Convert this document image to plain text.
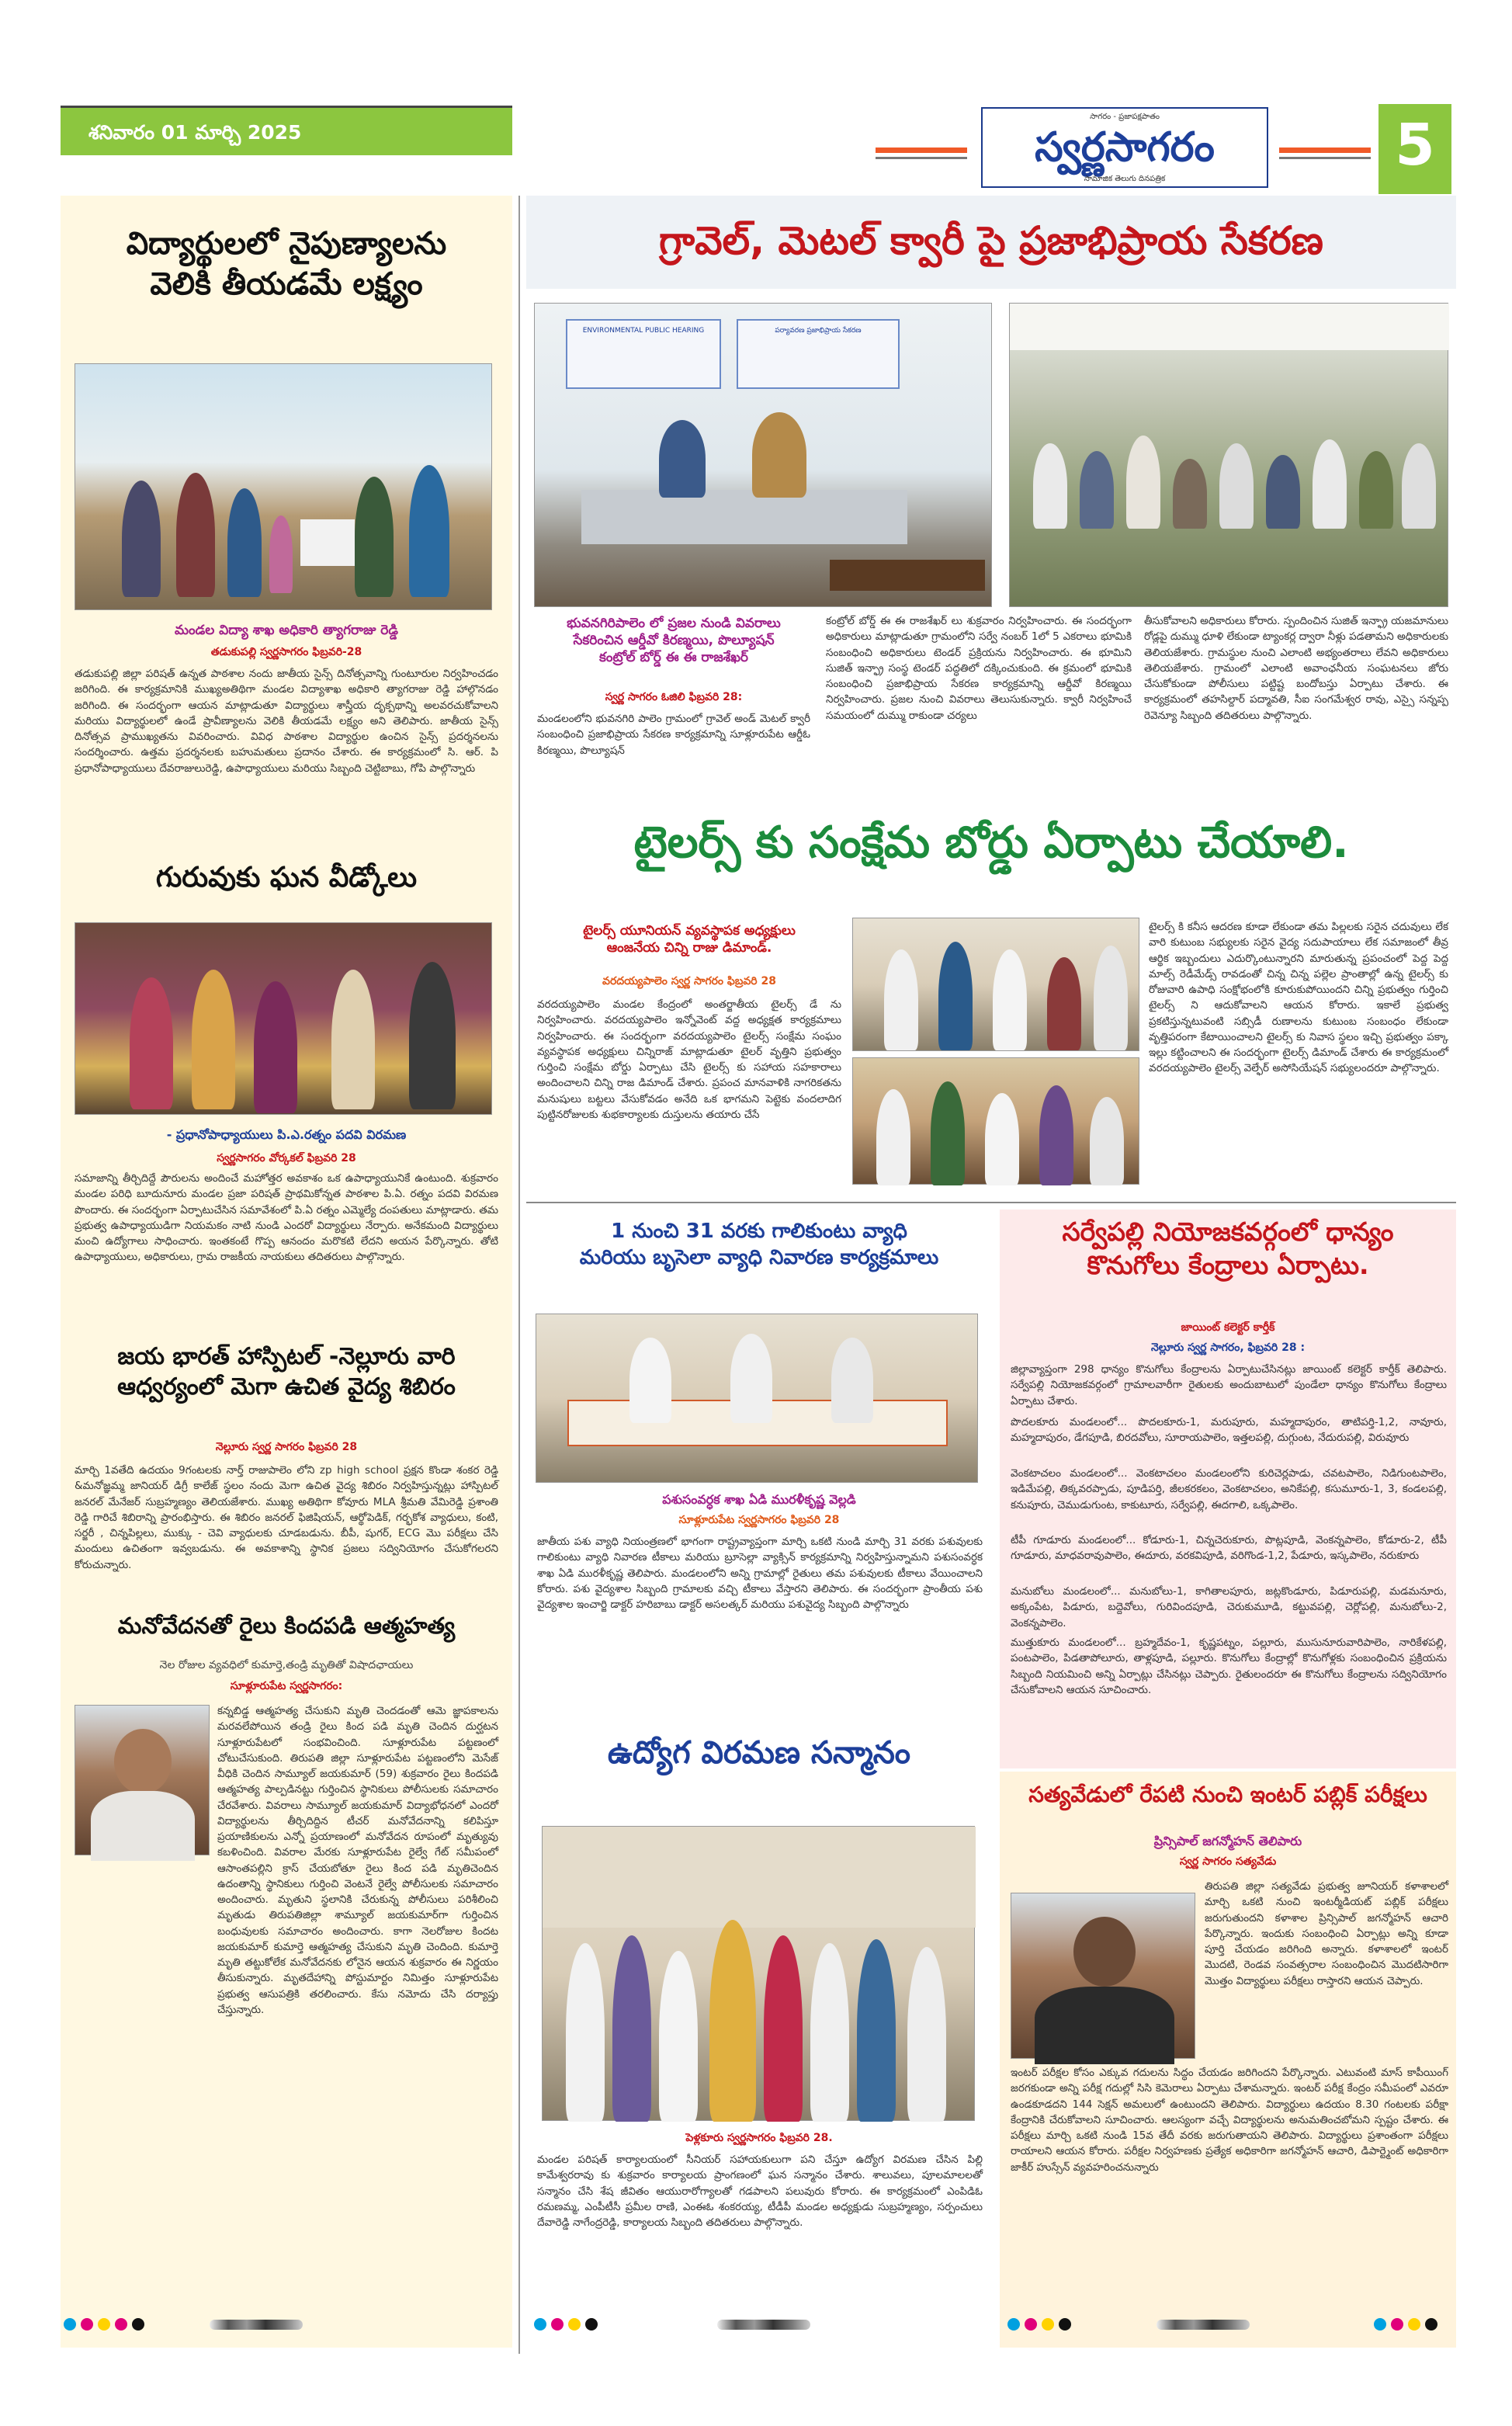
శనివారం 01 మార్చి 2025
సాగరం - ప్రజాపక్షపాతం
స్వర్ణసాగరం
సామాజిక తెలుగు దినపత్రిక
5
విద్యార్థులలో నైపుణ్యాలను
వెలికి తీయడమే లక్ష్యం
మండల విద్యా శాఖ అధికారి త్యాగరాజు రెడ్డి
తడుకుపల్లి స్వర్ణసాగరం ఫిబ్రవరి-28
తడుకుపల్లి జిల్లా పరిషత్ ఉన్నత పాఠశాల నందు జాతీయ సైన్స్ దినోత్సవాన్ని గుంటూరుల నిర్వహించడం జరిగింది. ఈ కార్యక్రమానికి ముఖ్యఅతిథిగా మండల విద్యాశాఖ అధికారి త్యాగరాజు రెడ్డి హాల్గొనడం జరిగింది. ఈ సందర్భంగా ఆయన మాట్లాడుతూ విద్యార్థులు శాస్త్రీయ దృక్పథాన్ని అలవరచుకోవాలని మరియు విద్యార్థులలో ఉండే ప్రావీణ్యాలను వెలికి తీయడమే లక్ష్యం అని తెలిపారు. జాతీయ సైన్స్ దినోత్సవ ప్రాముఖ్యతను వివరించారు. వివిధ పాఠశాల విద్యార్థుల ఉంచిన సైన్స్ ప్రదర్శనలను సందర్శించారు. ఉత్తమ ప్రదర్శనలకు బహుమతులు ప్రదానం చేశారు. ఈ కార్యక్రమంలో సి. ఆర్. పి ప్రధానోపాధ్యాయులు దేవరాజులురెడ్డి, ఉపాధ్యాయులు మరియు సిబ్బంది చెట్టిబాబు, గోపి పాల్గొన్నారు
గురువుకు ఘన వీడ్కోలు
- ప్రధానోపాధ్యాయులు పి.ఎ.రత్నం పదవి విరమణ
స్వర్ణసాగరం వోర్కకల్ ఫిబ్రవరి 28
సమాజాన్ని తీర్చిదిద్దే పౌరులను అందించే మహోత్తర అవకాశం ఒక ఉపాధ్యాయునికే ఉంటుంది. శుక్రవారం మండల పరిధి బూదునూరు మండల ప్రజా పరిషత్ ప్రాథమికోన్నత పాఠశాల పి.ఏ. రత్నం పదవి విరమణ పొందారు. ఈ సందర్భంగా ఏర్పాటుచేసిన సమావేశంలో పి.ఏ రత్నం ఎమ్మెల్యే దంపతులు మాట్లాడారు. తమ ప్రభుత్వ ఉపాధ్యాయుడిగా నియమకం నాటి నుండి ఎందరో విద్యార్థులు నేర్పారు. అనేకమంది విద్యార్థులు మంచి ఉద్యోగాలు సాధించారు. ఇంతకంటే గొప్ప ఆనందం మరొకటి లేదని అయన పేర్కొన్నారు. తోటి ఉపాధ్యాయులు, అధికారులు, గ్రామ రాజకీయ నాయకులు తదితరులు పాల్గొన్నారు.
జయ భారత్ హాస్పిటల్ -నెల్లూరు వారి
ఆధ్వర్యంలో మెగా ఉచిత వైద్య శిబిరం
నెల్లూరు స్వర్ణ సాగరం ఫిబ్రవరి 28
మార్చి 1వతేది ఉదయం 9గంటలకు నార్త్ రాజుపాలెం లోని zp high school ప్రక్షన కొండా శంకర రెడ్డి &మనోజ్ఞమ్మ జానియర్ డిగ్రీ కాలేజ్ స్థలం నందు మెగా ఉచిత వైద్య శిబిరం నిర్వహిస్తున్నట్లు హాస్పిటల్ జనరల్ మేనేజర్ సుబ్రహ్మణ్యం తెలియజేశారు. ముఖ్య అతిథిగా కోవూరు MLA శ్రీమతి వేమిరెడ్డి ప్రశాంతి రెడ్డి గారిచే శిబిరాన్ని ప్రారంభిస్తారు. ఈ శిబిరం జనరల్ ఫిజిషియన్, ఆర్థోపెడిక్, గర్భకోశ వ్యాధులు, కంటి, సర్జరీ , చిన్నపిల్లలు, ముక్కు - చెవి వ్యాధులకు చూడబడును. బీపీ, షుగర్, ECG మొ పరీక్షలు చేసి మందులు ఉచితంగా ఇవ్వబడును. ఈ అవకాశాన్ని స్థానిక ప్రజలు సద్వినియోగం చేసుకోగలరని కోరుచున్నారు.
మనోవేదనతో రైలు కిందపడి ఆత్మహత్య
నెల రోజుల వ్యవధిలో కుమార్తె,తండ్రి మృతితో విషాదఛాయలు
సూళ్లూరుపేట స్వర్ణసాగరం:
కన్నబిడ్డ ఆత్మహత్య చేసుకుని మృతి చెందడంతో ఆమె జ్ఞాపకాలను మరవలేపోయిన తండ్రి రైలు కింద పడి మృతి చెందిన దుర్ఘటన సూళ్లూరుపేటలో సంభవించింది. సూళ్లూరుపేట పట్టణంలో చోటుచేసుకుంది. తిరుపతి జిల్లా సూళ్లూరుపేట పట్టణంలోని మెసేజ్ వీధికి చెందిన సామ్యూల్ జయకుమార్ (59) శుక్రవారం రైలు కిందపడి ఆత్మహత్య పాల్పడినట్టు గుర్తించిన స్థానికులు పోలీసులకు సమాచారం చేరవేశారు. వివరాలు సామ్యూల్ జయకుమార్ విద్యాభోధనలో ఎందరో విద్యార్థులను తీర్చిదిద్దిన టీచర్ మనోవేదనాన్ని కలిపిస్తూ ప్రయాణికులను ఎన్నో ప్రయాణంలో మనోవేదన రూపంలో మృత్యువు కబళించింది. వివరాల మేరకు సూళ్లూరుపేట రైల్వే గేట్ సమీపంలో ఆసాంతపల్లిని క్రాస్ చేయబోతూ రైలు కింద పడి మృతిచెందిన ఉదంతాన్ని స్థానికులు గుర్తించి వెంటనే రైల్వే పోలీసులకు సమాచారం అందించారు. మృతుని స్థలానికి చేరుకున్న పోలీసులు పరిశీలించి మృతుడు తిరుపతిజిల్లా శామ్యూల్ జయకుమార్‌గా గుర్తించిన బంధువులకు సమాచారం అందించారు. కాగా నెలరోజుల కిందట జయకుమార్ కుమార్తె ఆత్మహత్య చేసుకుని మృతి చెందింది. కుమార్తె మృతి తట్టుకోలేక మనోవేదనకు లోనైన ఆయన శుక్రవారం ఈ నిర్ణయం తీసుకున్నారు. మృతదేహాన్ని పోస్టుమార్టం నిమిత్తం సూళ్లూరుపేట ప్రభుత్వ ఆసుపత్రికి తరలించారు. కేసు నమోదు చేసి దర్యాప్తు చేస్తున్నారు.
గ్రావెల్, మెటల్ క్వారీ పై ప్రజాభిప్రాయ సేకరణ
ENVIRONMENTAL PUBLIC HEARING	పర్యావరణ ప్రజాభిప్రాయ సేకరణ
భువనగిరిపాలెం లో ప్రజల నుండి వివరాలు
సేకరించిన ఆర్డీవో కిరణ్మయి, పొల్యూషన్
కంట్రోల్ బోర్డ్ ఈ ఈ రాజశేఖర్
స్వర్ణ సాగరం ఓజిలి ఫిబ్రవరి 28:
మండలంలోని భువనగిరి పాలెం గ్రామంలో గ్రావెల్ అండ్ మెటల్ క్వారీ సంబంధించి ప్రజాభిప్రాయ సేకరణ కార్యక్రమాన్ని సూళ్లూరుపేట ఆర్డీఓ కిరణ్మయి, పొల్యూషన్
కంట్రోల్ బోర్డ్ ఈ ఈ రాజశేఖర్ లు శుక్రవారం నిర్వహించారు. ఈ సందర్భంగా అధికారులు మాట్లాడుతూ గ్రామంలోని సర్వే నంబర్ 1లో 5 ఎకరాలు భూమికి సంబంధించి అధికారులు టెండర్ ప్రక్రియను నిర్వహించారు. ఈ భూమిని సుజిత్ ఇన్ఫ్రా సంస్థ టెండర్ పద్ధతిలో దక్కించుకుంది. ఈ క్రమంలో భూమికి సంబంధించి ప్రజాభిప్రాయ సేకరణ కార్యక్రమాన్ని ఆర్డీవో కిరణ్మయి నిర్వహించారు. ప్రజల నుంచి వివరాలు తెలుసుకున్నారు. క్వారీ నిర్వహించే సమయంలో దుమ్ము రాకుండా చర్యలు
తీసుకోవాలని అధికారులు కోరారు. స్పందించిన సుజిత్ ఇన్ఫ్రా యజమానులు రోడ్లపై దుమ్ము ధూళి లేకుండా ట్యాంకర్ల ద్వారా నీళ్లు పడతామని అధికారులకు తెలియజేశారు. గ్రామస్థుల నుంచి ఎలాంటి అభ్యంతరాలు లేవని అధికారులు తెలియజేశారు. గ్రామంలో ఎలాంటి అవాంఛనీయ సంఘటనలు జోరు చేసుకోకుండా పోలీసులు పట్టిష్ట బందోబస్తు ఏర్పాటు చేశారు. ఈ కార్యక్రమంలో తహసిల్దార్ పద్మావతి, సీఐ సంగమేశ్వర రావు, ఎస్సై సన్నప్ప రెవెన్యూ సిబ్బంది తదితరులు పాల్గొన్నారు.
టైలర్స్ కు సంక్షేమ బోర్డు ఏర్పాటు చేయాలి.
టైలర్స్ యూనియన్ వ్యవస్థాపక అధ్యక్షులు
ఆంజనేయ చిన్ని రాజు డిమాండ్.
వరదయ్యపాలెం స్వర్ణ సాగరం ఫిబ్రవరి 28
వరదయ్యపాలెం మండల కేంద్రంలో అంతర్జాతీయ టైలర్స్ డే ను నిర్వహించారు. వరదయ్యపాలెం ఇన్నోవెంట్ వద్ద అధ్యక్షత కార్యక్రమాలు నిర్వహించారు. ఈ సందర్భంగా వరదయ్యపాలెం టైలర్స్ సంక్షేమ సంఘం వ్యవస్థాపక అధ్యక్షులు చిన్నిరాజ్ మాట్లాడుతూ టైలర్ వృత్తిని ప్రభుత్వం గుర్తించి సంక్షేమ బోర్డు ఏర్పాటు చేసి టైలర్స్ కు సహాయ సహకారాలు అందించాలని చిన్ని రాజ డిమాండ్ చేశారు. ప్రపంచ మానవాళికి నాగరికతను మనుషులు బట్టలు వేసుకోవడం అనేది ఒక భాగమని పెట్టెకు వందలాదిగ పుట్టినరోజులకు శుభకార్యాలకు దుస్తులను తయారు చేసే
టైలర్స్ కి కనీస ఆదరణ కూడా లేకుండా తమ పిల్లలకు సరైన చదువులు లేక వారి కుటుంబ సభ్యులకు సరైన వైద్య సదుపాయాలు లేక సమాజంలో తీవ్ర ఆర్థిక ఇబ్బందులు ఎదుర్కొంటున్నారని మారుతున్న ప్రపంచంలో పెద్ద పెద్ద మాల్స్ రెడీమేడ్స్ రావడంతో చిన్న చిన్న పల్లెల ప్రాంతాల్లో ఉన్న టైలర్స్ కు రోజువారి ఉపాధి సంక్షోభంలోకి కూరుకుపోయిందని చిన్ని ప్రభుత్వం గుర్తించి టైలర్స్ ని ఆదుకోవాలని ఆయన కోరారు. ఇకాలే ప్రభుత్వ ప్రకటిస్తున్నటువంటి సబ్సిడీ రుణాలను కుటుంబ సంబంధం లేకుండా వృత్తిపరంగా కేటాయించాలని టైలర్స్ కు నివాస స్థలం ఇచ్చి ప్రభుత్వం పక్కా ఇల్లు కట్టించాలని ఈ సందర్భంగా టైలర్స్ డిమాండ్ చేశారు ఈ కార్యక్రమంలో వరదయ్యపాలెం టైలర్స్ వెల్ఫేర్ అసోసియేషన్ సభ్యులందరూ పాల్గొన్నారు.
1 నుంచి 31 వరకు గాలికుంటు వ్యాధి
మరియు బృసెలా వ్యాధి నివారణ కార్యక్రమాలు
పశుసంవర్ధక శాఖ ఏడి మురళీకృష్ణ వెల్లడి
సూళ్లూరుపేట స్వర్ణసాగరం ఫిబ్రవరి 28
జాతీయ పశు వ్యాధి నియంత్రణలో భాగంగా రాష్ట్రవ్యాప్తంగా మార్చి ఒకటి నుండి మార్చి 31 వరకు పశువులకు గాలికుంటు వ్యాధి నివారణ టీకాలు మరియు బ్రూసెల్లా వ్యాక్సిన్ కార్యక్రమాన్ని నిర్వహిస్తున్నామని పశుసంవర్ధక శాఖ ఏడి మురళీకృష్ణ తెలిపారు. మండలంలోని అన్ని గ్రామాల్లో రైతులు తమ పశువులకు టీకాలు వేయించాలని కోరారు. పశు వైద్యశాల సిబ్బంది గ్రామాలకు వచ్చి టీకాలు వేస్తారని తెలిపారు. ఈ సందర్భంగా ప్రాంతీయ పశు వైద్యశాల ఇంచార్జి డాక్టర్ హరిబాబు డాక్టర్ అసలత్కర్ మరియు పశువైద్య సిబ్బంది పాల్గొన్నారు
ఉద్యోగ విరమణ సన్మానం
పెళ్లకూరు స్వర్ణసాగరం ఫిబ్రవరి 28.
మండల పరిషత్ కార్యాలయంలో సీనియర్ సహాయకులుగా పని చేస్తూ ఉద్యోగ విరమణ చేసిన పిల్లి కామేశ్వరరావు కు శుక్రవారం కార్యాలయ ప్రాంగణంలో ఘన సన్మానం చేశారు. శాలువలు, పూలమాలలతో సన్మానం చేసి శేష జీవితం ఆయురారోగ్యాలతో గడపాలని పలువురు కోరారు. ఈ కార్యక్రమంలో ఎంపిడిఓ రమణమ్మ, ఎంపీటీసీ ప్రమీల రాణి, ఎంఈఓ శంకరయ్య, టీడీపీ మండల అధ్యక్షుడు సుబ్రహ్మణ్యం, సర్పంచులు దేవారెడ్డి నాగేంద్రరెడ్డి, కార్యాలయ సిబ్బంది తదితరులు పాల్గొన్నారు.
సర్వేపల్లి నియోజకవర్గంలో ధాన్యం
కొనుగోలు కేంద్రాలు ఏర్పాటు.
జాయింట్ కలెక్టర్ కార్తీక్
నెల్లూరు స్వర్ణ సాగరం, ఫిబ్రవరి 28 :
జిల్లావ్యాప్తంగా 298 ధాన్యం కొనుగోలు కేంద్రాలను ఏర్పాటుచేసినట్లు జాయింట్ కలెక్టర్ కార్తీక్ తెలిపారు. సర్వేపల్లి నియోజకవర్గంలో గ్రామాలవారీగా రైతులకు అందుబాటులో పుండేలా ధాన్యం కొనుగోలు కేంద్రాలు ఏర్పాటు చేశారు.
పొదలకూరు మండలంలో... పొదలకూరు-1, మరుపూరు, మహ్మదాపురం, తాటిపర్తి-1,2, నావూరు, మహ్మదాపురం, డేగపూడి, బిరదవోలు, సూరాయపాలెం, ఇత్తలపల్లి, దుగ్గుంట, నేదురుపల్లి, విరువూరు
వెంకటాచలం మండలంలో... వెంకటాచలం మండలంలోని కురిచెర్లపాడు, చవటపాలెం, నిడిగుంటపాలెం, ఇడిమేపల్లి, తిక్కవరప్పాడు, పూడిపర్తి, జీలకరకలం, వెంకటాచలం, అనికేపల్లి, కసుమూరు-1, 3, కండలపల్లి, కనుపూరు, చెముడుగుంట, కాకుటూరు, సర్వేపల్లి, ఈదగాలి, ఒక్కపాలెం.
టీపీ గూడూరు మండలంలో... కోడూరు-1, చిన్నచెరుకూరు, పొట్లపూడి, వెంకన్నపాలెం, కోడూరు-2, టీపీ గూడూరు, మాధవరావుపాలెం, ఈదూరు, వరకవిపూడి, వరిగొండ-1,2, పేడూరు, ఇస్కపాలెం, నరుకూరు
మనుబోలు మండలంలో... మనుబోలు-1, కాగితాలపూరు, జట్లకొండూరు, పిడూరుపల్లి, మడమనూరు, అక్కంపేట, పిడూరు, బద్దెవోలు, గురివిందపూడి, చెరుకుమూడి, కట్టువపల్లి, చెర్లోపల్లి, మనుబోలు-2, వెంకన్నపాలెం.
ముత్తుకూరు మండలంలో... బ్రహ్మదేవం-1, కృష్ణపట్నం, పల్లూరు, ముసునూరువారిపాలెం, నారికేళపల్లి, పంటపాలెం, పిడతాపోలూరు, తాళ్లపూడి, పల్లూరు. కొనుగోలు కేంద్రాల్లో కొనుగోళ్లకు సంబంధించిన ప్రక్రియను సిబ్బంది నియమించి అన్ని ఏర్పాట్లు చేసినట్లు చెప్పారు. రైతులందరూ ఈ కొనుగోలు కేంద్రాలను సద్వినియోగం చేసుకోవాలని ఆయన సూచించారు.
సత్యవేడులో రేపటి నుంచి ఇంటర్ పబ్లిక్ పరీక్షలు
ప్రిన్సిపాల్ జగన్మోహన్ తెలిపారు
స్వర్ణ సాగరం సత్యవేడు
తిరుపతి జిల్లా సత్యవేడు ప్రభుత్వ జూనియర్ కళాశాలలో మార్చి ఒకటి నుంచి ఇంటర్మీడియట్ పబ్లిక్ పరీక్షలు జరుగుతుందని కళాశాల ప్రిన్సిపాల్ జగన్మోహన్ ఆచారి పేర్కొన్నారు. ఇందుకు సంబంధించి ఏర్పాట్లు అన్ని కూడా పూర్తి చేయడం జరిగింది అన్నారు. కళాశాలలో ఇంటర్ మొదటి, రెండవ సంవత్సరాల సంబంధించిన మొదటిసారిగా మొత్తం విద్యార్థులు పరీక్షలు రాస్తారని ఆయన చెప్పారు.
ఇంటర్ పరీక్షల కోసం ఎక్కువ గదులను సిద్ధం చేయడం జరిగిందని పేర్కొన్నారు. ఎటువంటి మాస్ కాపీయింగ్ జరగకుండా అన్ని పరీక్ష గదుల్లో సిసి కెమెరాలు ఏర్పాటు చేశామన్నారు. ఇంటర్ పరీక్ష కేంద్రం సమీపంలో ఎవరూ ఉండకూడదని 144 సెక్షన్ అమలులో ఉంటుందని తెలిపారు. విద్యార్థులు ఉదయం 8.30 గంటలకు పరీక్షా కేంద్రానికి చేరుకోవాలని సూచించారు. ఆలస్యంగా వచ్చే విద్యార్థులను అనుమతించబోమని స్పష్టం చేశారు. ఈ పరీక్షలు మార్చి ఒకటి నుండి 15వ తేదీ వరకు జరుగుతాయని తెలిపారు. విద్యార్థులు ప్రశాంతంగా పరీక్షలు రాయాలని ఆయన కోరారు. పరీక్షల నిర్వహణకు ప్రత్యేక అధికారిగా జగన్మోహన్ ఆచారి, డిపార్ట్మెంట్ అధికారిగా జాకీర్ హుస్సేన్ వ్యవహరించనున్నారు
